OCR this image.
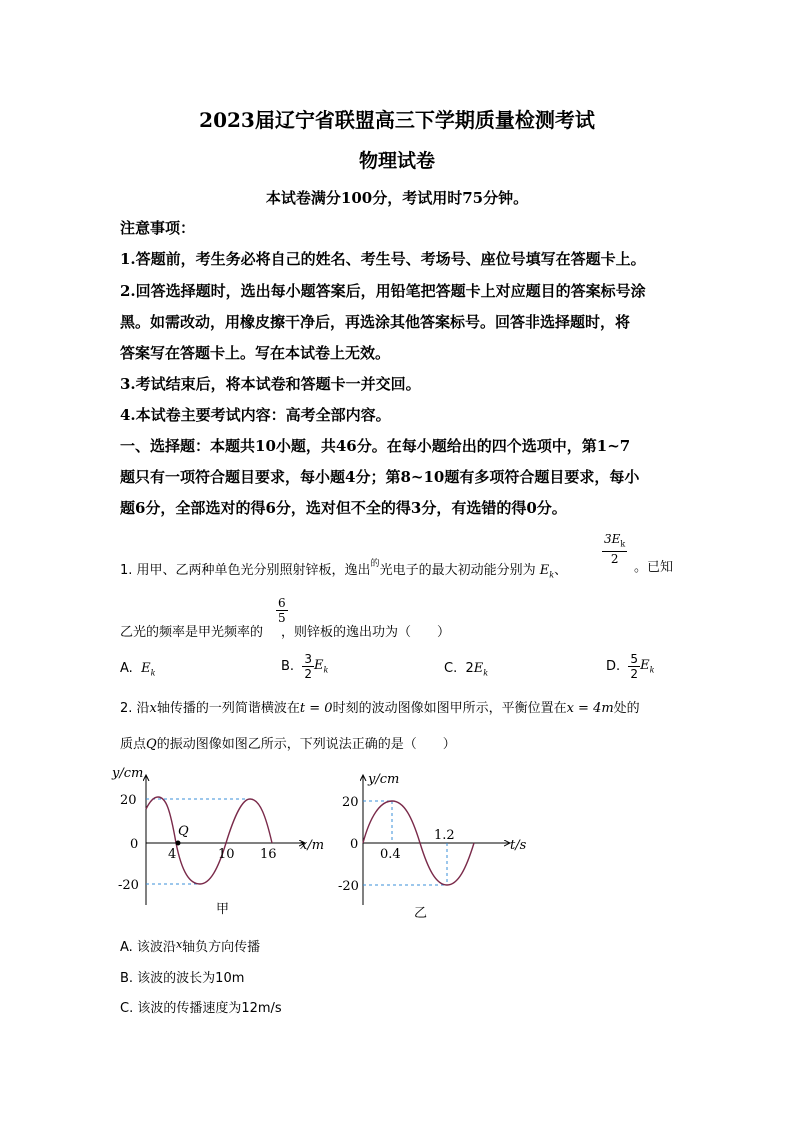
2023届辽宁省联盟高三下学期质量检测考试
物理试卷
本试卷满分100分，考试用时75分钟。
注意事项：
1.答题前，考生务必将自己的姓名、考生号、考场号、座位号填写在答题卡上。
2.回答选择题时，选出每小题答案后，用铅笔把答题卡上对应题目的答案标号涂
黑。如需改动，用橡皮擦干净后，再选涂其他答案标号。回答非选择题时，将
答案写在答题卡上。写在本试卷上无效。
3.考试结束后，将本试卷和答题卡一并交回。
4.本试卷主要考试内容：高考全部内容。
一、选择题：本题共10小题，共46分。在每小题给出的四个选项中，第1~7
题只有一项符合题目要求，每小题4分；第8~10题有多项符合题目要求，每小
题6分，全部选对的得6分，选对但不全的得3分，有选错的得0分。
1. 用甲、乙两种单色光分别照射锌板，逸出$^的$光电子的最大初动能分别为 $E_k$、
$\frac{3E_k}{2}$
。已知
$\frac{6}{5}$
乙光的频率是甲光频率的 ，则锌板的逸出功为（　　）
A. $E_k$	B. $\frac{3}{2} E_k$	C. $2E_k$	D. $\frac{5}{2} E_k$
2. 沿x轴传播的一列简谐横波在t = 0时刻的波动图像如图甲所示，平衡位置在x = 4m处的
质点Q的振动图像如图乙所示，下列说法正确的是（　　）
y/cm
20
0
-20
4
Q
10 16
x/m
甲
y/cm
20
0
-20
0.4
1.2
t/s
乙
A. 该波沿$^x$轴负方向传播
B. 该波的波长为10m
C. 该波的传播速度为12m/s
